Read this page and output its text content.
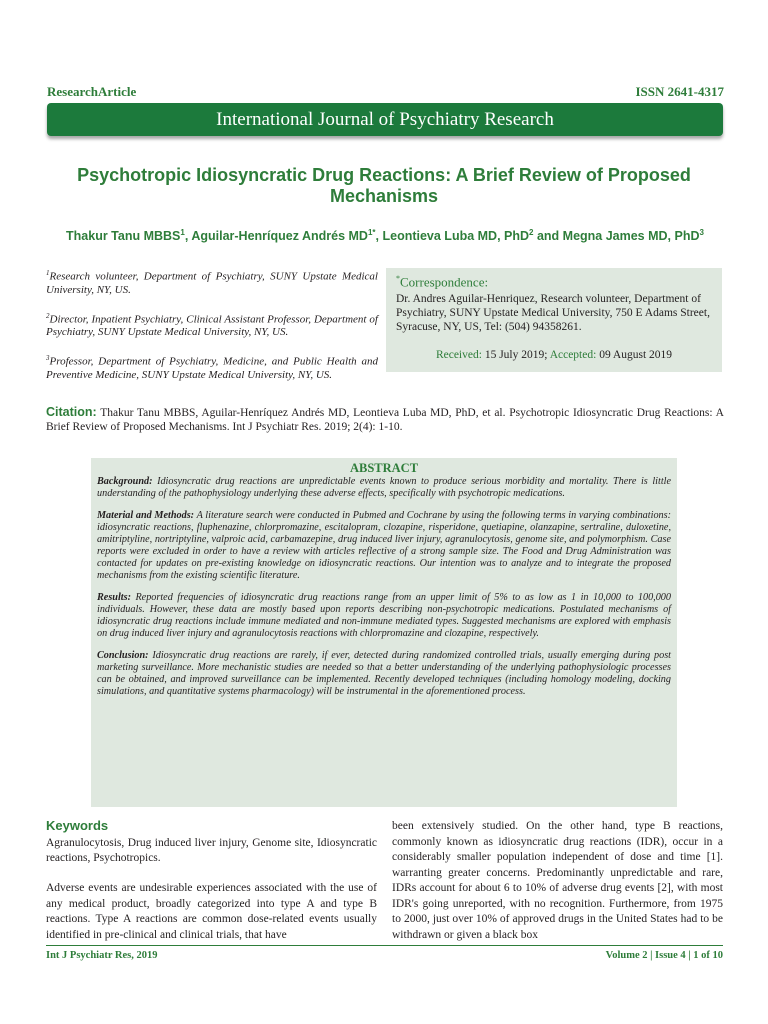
ResearchArticle	ISSN 2641-4317
International Journal of Psychiatry Research
Psychotropic Idiosyncratic Drug Reactions: A Brief Review of Proposed Mechanisms
Thakur Tanu MBBS$^1$, Aguilar-Henríquez Andrés $MD^{1*}$, Leontieva Luba MD, PhD$^2$ and Megna James MD, PhD$^3$

$^1$Research volunteer, Department of Psychiatry, SUNY Upstate Medical University, NY, US.

$^2$Director, Inpatient Psychiatry, Clinical Assistant Professor, Department of Psychiatry, SUNY Upstate Medical University, NY, US.

$^3$Professor, Department of Psychiatry, Medicine, and Public Health and Preventive Medicine, SUNY Upstate Medical University, NY, US.

*Correspondence:
Dr. Andres Aguilar-Henriquez, Research volunteer, Department of Psychiatry, SUNY Upstate Medical University, 750 E Adams Street, Syracuse, NY, US, Tel: (504) 94358261.
Received: 15 July 2019; Accepted: 09 August 2019
Citation: Thakur Tanu MBBS, Aguilar-Henríquez Andrés MD, Leontieva Luba MD, PhD, et al. Psychotropic Idiosyncratic Drug Reactions: A Brief Review of Proposed Mechanisms. Int J Psychiatr Res. 2019; 2(4): 1-10.
ABSTRACT

Background: Idiosyncratic drug reactions are unpredictable events known to produce serious morbidity and mortality. There is little understanding of the pathophysiology underlying these adverse effects, specifically with psychotropic medications.

Material and Methods: A literature search were conducted in Pubmed and Cochrane by using the following terms in varying combinations: idiosyncratic reactions, fluphenazine, chlorpromazine, escitalopram, clozapine, risperidone, quetiapine, olanzapine, sertraline, duloxetine, amitriptyline, nortriptyline, valproic acid, carbamazepine, drug induced liver injury, agranulocytosis, genome site, and polymorphism. Case reports were excluded in order to have a review with articles reflective of a strong sample size. The Food and Drug Administration was contacted for updates on pre-existing knowledge on idiosyncratic reactions. Our intention was to analyze and to integrate the proposed mechanisms from the existing scientific literature.

Results: Reported frequencies of idiosyncratic drug reactions range from an upper limit of 5% to as low as 1 in 10,000 to 100,000 individuals. However, these data are mostly based upon reports describing non-psychotropic medications. Postulated mechanisms of idiosyncratic drug reactions include immune mediated and non-immune mediated types. Suggested mechanisms are explored with emphasis on drug induced liver injury and agranulocytosis reactions with chlorpromazine and clozapine, respectively.

Conclusion: Idiosyncratic drug reactions are rarely, if ever, detected during randomized controlled trials, usually emerging during post marketing surveillance. More mechanistic studies are needed so that a better understanding of the underlying pathophysiologic processes can be obtained, and improved surveillance can be implemented. Recently developed techniques (including homology modeling, docking simulations, and quantitative systems pharmacology) will be instrumental in the aforementioned process.

Keywords
Agranulocytosis, Drug induced liver injury, Genome site, Idiosyncratic reactions, Psychotropics.
Adverse events are undesirable experiences associated with the use of any medical product, broadly categorized into type A and type B reactions. Type A reactions are common dose-related events usually identified in pre-clinical and clinical trials, that have
been extensively studied. On the other hand, type B reactions, commonly known as idiosyncratic drug reactions (IDR), occur in a considerably smaller population independent of dose and time [1]. warranting greater concerns. Predominantly unpredictable and rare, IDRs account for about 6 to 10% of adverse drug events [2], with most IDR's going unreported, with no recognition. Furthermore, from 1975 to 2000, just over 10% of approved drugs in the United States had to be withdrawn or given a black box
Int J Psychiatr Res, 2019	Volume 2 | Issue 4 | 1 of 10
